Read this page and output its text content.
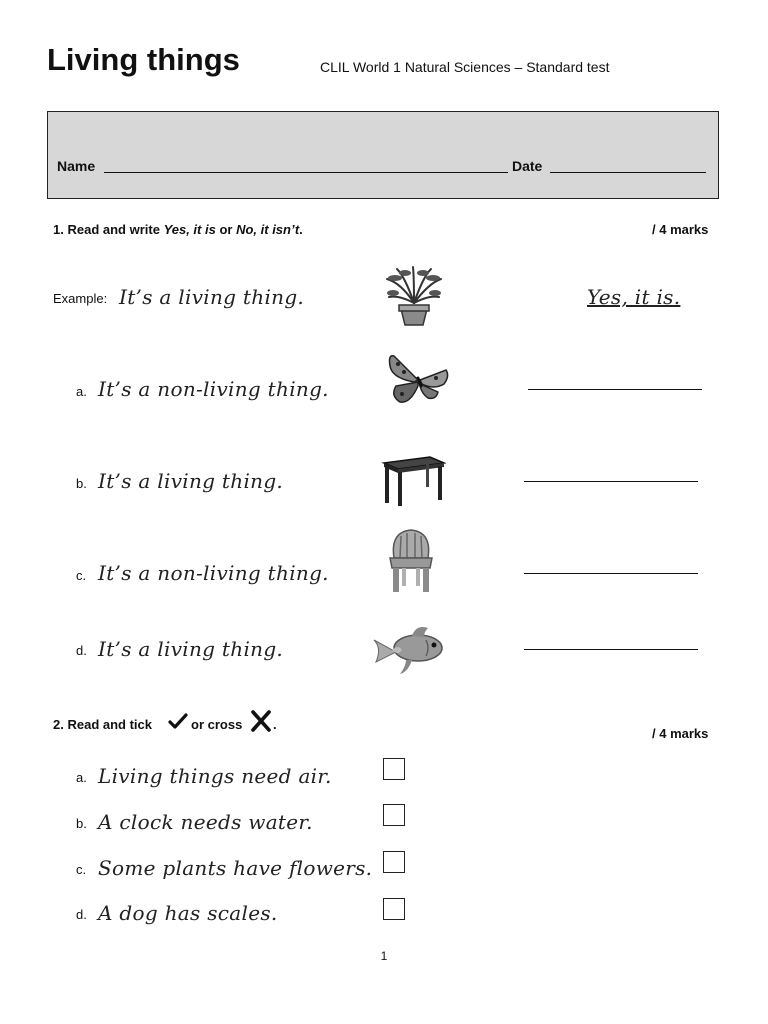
Living things	CLIL World 1 Natural Sciences – Standard test
Name	Date
1. Read and write Yes, it is or No, it isn’t.	/ 4 marks
Example: It’s a living thing.	Yes, it is.
a. It’s a non-living thing.
b. It’s a living thing.
c. It’s a non-living thing.
d. It’s a living thing.
2. Read and tick	or cross .
/ 4 marks
a. Living things need air.
b. A clock needs water.
c. Some plants have flowers.
d. A dog has scales.
1
